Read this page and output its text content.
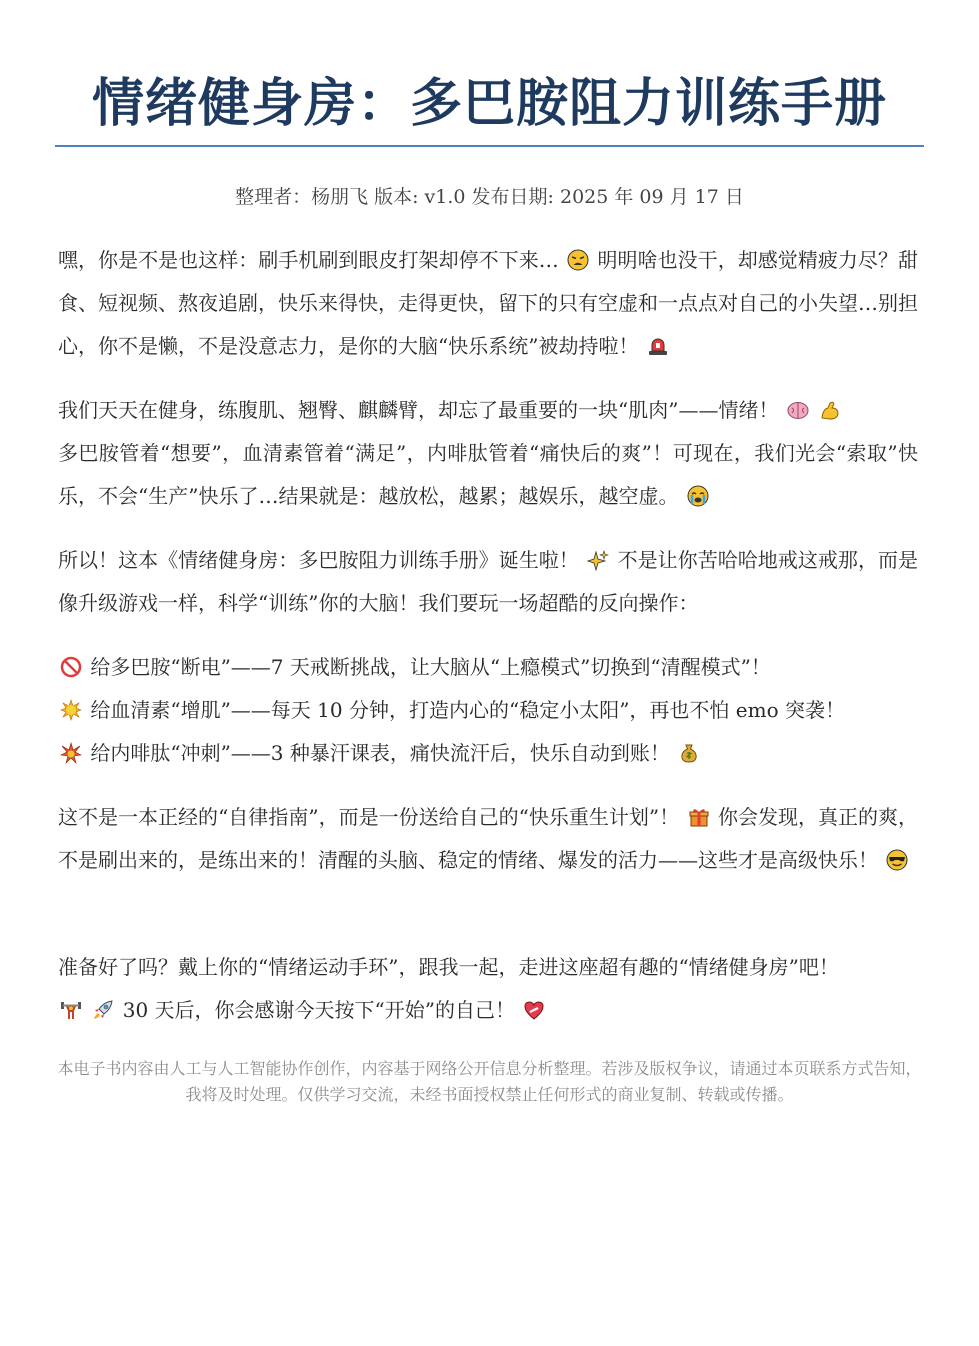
情绪健身房：多巴胺阻力训练手册
整理者：杨朋飞 版本: v1.0 发布日期: 2025 年 09 月 17 日
嘿，你是不是也这样：刷手机刷到眼皮打架却停不下来…  明明啥也没干，却感觉精疲力尽？甜食、短视频、熬夜追剧，快乐来得快，走得更快，留下的只有空虚和一点点对自己的小失望…别担心，你不是懒，不是没意志力，是你的大脑“快乐系统”被劫持啦！
我们天天在健身，练腹肌、翘臀、麒麟臂，却忘了最重要的一块“肌肉”——情绪！
多巴胺管着“想要”，血清素管着“满足”，内啡肽管着“痛快后的爽”！可现在，我们光会“索取”快乐，不会“生产”快乐了…结果就是：越放松，越累；越娱乐，越空虚。
所以！这本《情绪健身房：多巴胺阻力训练手册》诞生啦！  不是让你苦哈哈地戒这戒那，而是像升级游戏一样，科学“训练”你的大脑！我们要玩一场超酷的反向操作：
给多巴胺“断电”——7 天戒断挑战，让大脑从“上瘾模式”切换到“清醒模式”！
给血清素“增肌”——每天 10 分钟，打造内心的“稳定小太阳”，再也不怕 emo 突袭！
给内啡肽“冲刺”——3 种暴汗课表，痛快流汗后，快乐自动到账！
这不是一本正经的“自律指南”，而是一份送给自己的“快乐重生计划”！  你会发现，真正的爽，不是刷出来的，是练出来的！清醒的头脑、稳定的情绪、爆发的活力——这些才是高级快乐！
准备好了吗？戴上你的“情绪运动手环”，跟我一起，走进这座超有趣的“情绪健身房”吧！
30 天后，你会感谢今天按下“开始”的自己！
本电子书内容由人工与人工智能协作创作，内容基于网络公开信息分析整理。若涉及版权争议，请通过本页联系方式告知，我将及时处理。仅供学习交流，未经书面授权禁止任何形式的商业复制、转载或传播。
